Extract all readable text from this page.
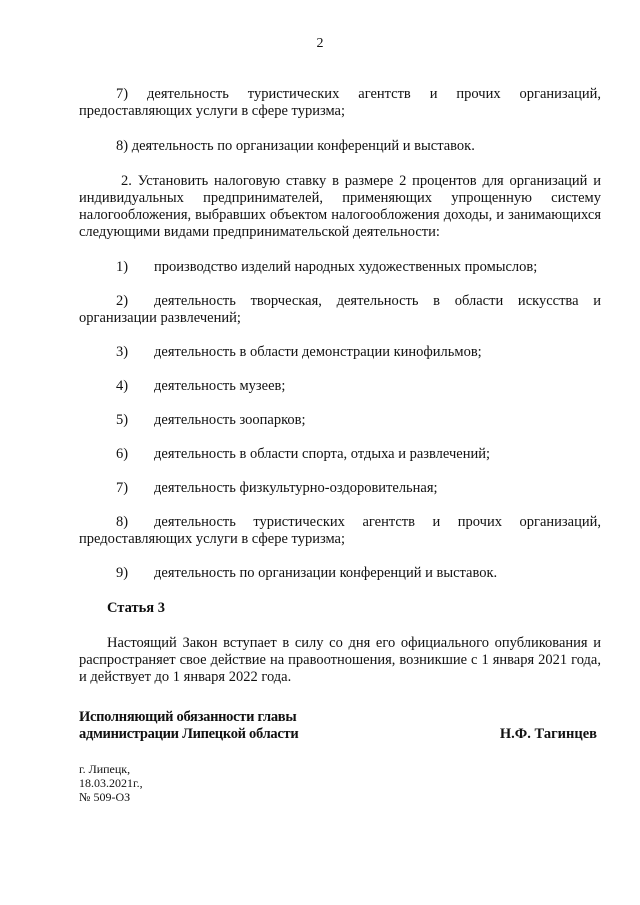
2

7) деятельность туристических агентств и прочих организаций, предоставляющих услуги в сфере туризма;

8) деятельность по организации конференций и выставок.

2. Установить налоговую ставку в размере 2 процентов для организаций и индивидуальных предпринимателей, применяющих упрощенную систему налогообложения, выбравших объектом налогообложения доходы, и занимающихся следующими видами предпринимательской деятельности:

1) производство изделий народных художественных промыслов;

2) деятельность творческая, деятельность в области искусства и организации развлечений;

3) деятельность в области демонстрации кинофильмов;

4) деятельность музеев;

5) деятельность зоопарков;

6) деятельность в области спорта, отдыха и развлечений;

7) деятельность физкультурно-оздоровительная;

8) деятельность туристических агентств и прочих организаций, предоставляющих услуги в сфере туризма;

9) деятельность по организации конференций и выставок.

Статья 3

Настоящий Закон вступает в силу со дня его официального опубликования и распространяет свое действие на правоотношения, возникшие с 1 января 2021 года, и действует до 1 января 2022 года.

Исполняющий обязанности главы
администрации Липецкой области	Н.Ф. Тагинцев
г. Липецк,
18.03.2021г.,
№ 509-ОЗ
